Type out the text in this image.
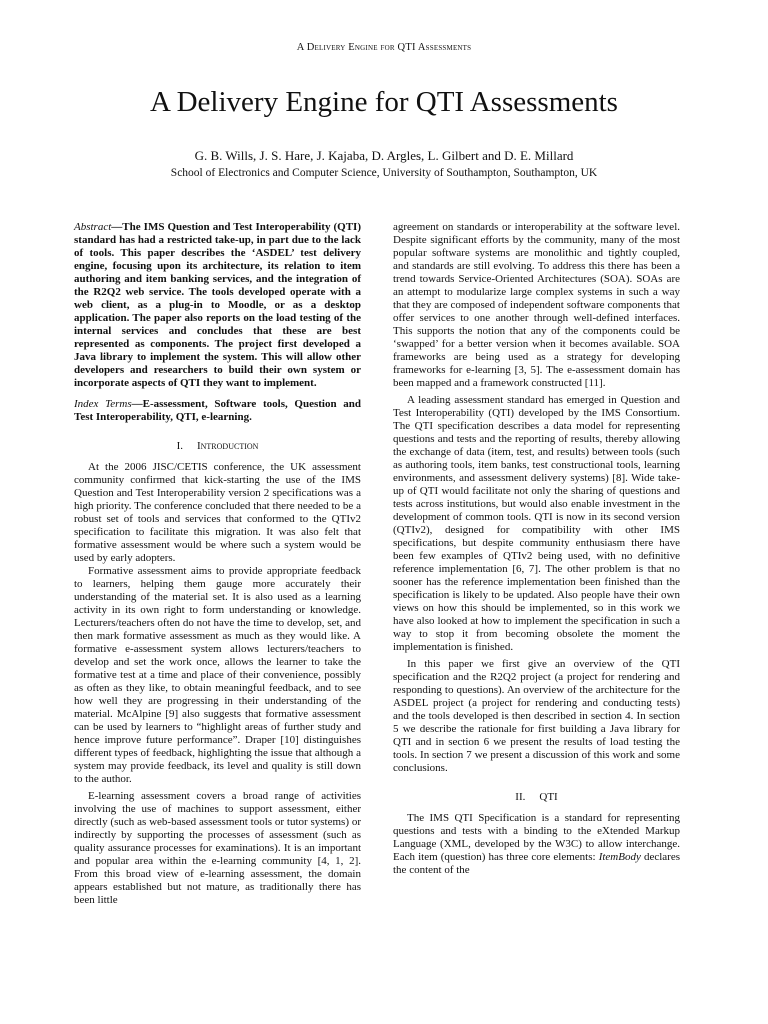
A Delivery Engine for QTI Assessments
A Delivery Engine for QTI Assessments
G. B. Wills, J. S. Hare, J. Kajaba, D. Argles, L. Gilbert and D. E. Millard
School of Electronics and Computer Science, University of Southampton, Southampton, UK

Abstract—The IMS Question and Test Interoperability (QTI) standard has had a restricted take-up, in part due to the lack of tools. This paper describes the ‘ASDEL’ test delivery engine, focusing upon its architecture, its relation to item authoring and item banking services, and the integration of the R2Q2 web service. The tools developed operate with a web client, as a plug-in to Moodle, or as a desktop application. The paper also reports on the load testing of the internal services and concludes that these are best represented as components. The project first developed a Java library to implement the system. This will allow other developers and researchers to build their own system or incorporate aspects of QTI they want to implement.

Index Terms—E-assessment, Software tools, Question and Test Interoperability, QTI, e-learning.

I. Introduction

At the 2006 JISC/CETIS conference, the UK assessment community confirmed that kick-starting the use of the IMS Question and Test Interoperability version 2 specifications was a high priority. The conference concluded that there needed to be a robust set of tools and services that conformed to the QTIv2 specification to facilitate this migration. It was also felt that formative assessment would be where such a system would be used by early adopters.

Formative assessment aims to provide appropriate feedback to learners, helping them gauge more accurately their understanding of the material set. It is also used as a learning activity in its own right to form understanding or knowledge. Lecturers/teachers often do not have the time to develop, set, and then mark formative assessment as much as they would like. A formative e-assessment system allows lecturers/teachers to develop and set the work once, allows the learner to take the formative test at a time and place of their convenience, possibly as often as they like, to obtain meaningful feedback, and to see how well they are progressing in their understanding of the material. McAlpine [9] also suggests that formative assessment can be used by learners to “highlight areas of further study and hence improve future performance”. Draper [10] distinguishes different types of feedback, highlighting the issue that although a system may provide feedback, its level and quality is still down to the author.

E-learning assessment covers a broad range of activities involving the use of machines to support assessment, either directly (such as web-based assessment tools or tutor systems) or indirectly by supporting the processes of assessment (such as quality assurance processes for examinations). It is an important and popular area within the e-learning community [4, 1, 2]. From this broad view of e-learning assessment, the domain appears established but not mature, as traditionally there has been little

agreement on standards or interoperability at the software level. Despite significant efforts by the community, many of the most popular software systems are monolithic and tightly coupled, and standards are still evolving. To address this there has been a trend towards Service-Oriented Architectures (SOA). SOAs are an attempt to modularize large complex systems in such a way that they are composed of independent software components that offer services to one another through well-defined interfaces. This supports the notion that any of the components could be ‘swapped’ for a better version when it becomes available. SOA frameworks are being used as a strategy for developing frameworks for e-learning [3, 5]. The e-assessment domain has been mapped and a framework constructed [11].

A leading assessment standard has emerged in Question and Test Interoperability (QTI) developed by the IMS Consortium. The QTI specification describes a data model for representing questions and tests and the reporting of results, thereby allowing the exchange of data (item, test, and results) between tools (such as authoring tools, item banks, test constructional tools, learning environments, and assessment delivery systems) [8]. Wide take-up of QTI would facilitate not only the sharing of questions and tests across institutions, but would also enable investment in the development of common tools. QTI is now in its second version (QTIv2), designed for compatibility with other IMS specifications, but despite community enthusiasm there have been few examples of QTIv2 being used, with no definitive reference implementation [6, 7]. The other problem is that no sooner has the reference implementation been finished than the specification is likely to be updated. Also people have their own views on how this should be implemented, so in this work we have also looked at how to implement the specification in such a way to stop it from becoming obsolete the moment the implementation is finished.

In this paper we first give an overview of the QTI specification and the R2Q2 project (a project for rendering and responding to questions). An overview of the architecture for the ASDEL project (a project for rendering and conducting tests) and the tools developed is then described in section 4. In section 5 we describe the rationale for first building a Java library for QTI and in section 6 we present the results of load testing the tools. In section 7 we present a discussion of this work and some conclusions.

II. QTI

The IMS QTI Specification is a standard for representing questions and tests with a binding to the eXtended Markup Language (XML, developed by the W3C) to allow interchange. Each item (question) has three core elements: ItemBody declares the content of the
